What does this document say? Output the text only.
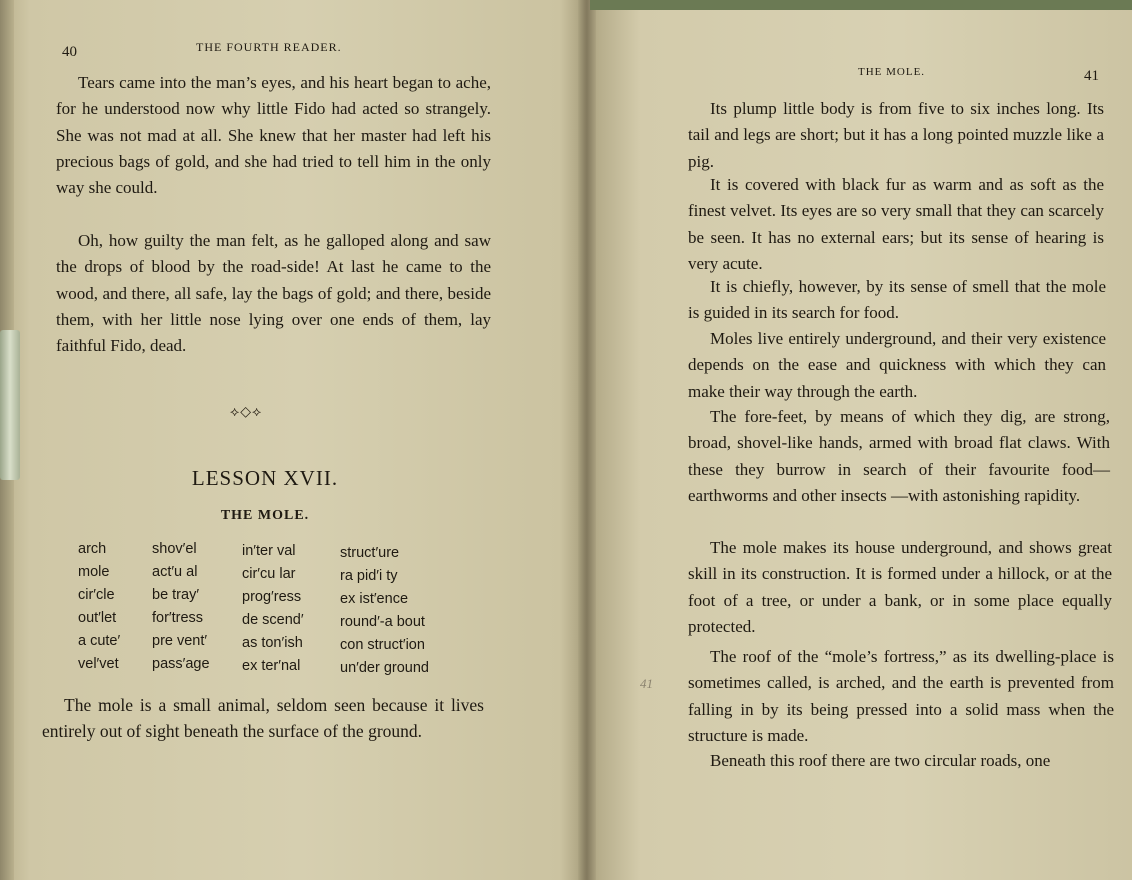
40	THE FOURTH READER.
Tears came into the man’s eyes, and his heart began to ache, for he understood now why little Fido had acted so strangely. She was not mad at all. She knew that her master had left his precious bags of gold, and she had tried to tell him in the only way she could.
Oh, how guilty the man felt, as he galloped along and saw the drops of blood by the road-side! At last he came to the wood, and there, all safe, lay the bags of gold; and there, beside them, with her little nose lying over one ends of them, lay faithful Fido, dead.
⟡◇⟡
LESSON XVII.
THE MOLE.
arch
mole
cir′cle
out′let
a cute′
vel′vet
shov′el
act′u al
be tray′
for′tress
pre vent′
pass′age
in′ter val
cir′cu lar
prog′ress
de scend′
as ton′ish
ex ter′nal
struct′ure
ra pid′i ty
ex ist′ence
round′-a bout
con struct′ion
un′der ground
The mole is a small animal, seldom seen because it lives entirely out of sight beneath the surface of the ground.
THE MOLE.	41
Its plump little body is from five to six inches long. Its tail and legs are short; but it has a long pointed muzzle like a pig.
It is covered with black fur as warm and as soft as the finest velvet. Its eyes are so very small that they can scarcely be seen. It has no external ears; but its sense of hearing is very acute.
It is chiefly, however, by its sense of smell that the mole is guided in its search for food.
Moles live entirely underground, and their very existence depends on the ease and quickness with which they can make their way through the earth.
The fore-feet, by means of which they dig, are strong, broad, shovel-like hands, armed with broad flat claws. With these they burrow in search of their favourite food—earthworms and other insects —with astonishing rapidity.
The mole makes its house underground, and shows great skill in its construction. It is formed under a hillock, or at the foot of a tree, or under a bank, or in some place equally protected.
The roof of the “mole’s fortress,” as its dwelling-place is sometimes called, is arched, and the earth is prevented from falling in by its being pressed into a solid mass when the structure is made.
Beneath this roof there are two circular roads, one
41
